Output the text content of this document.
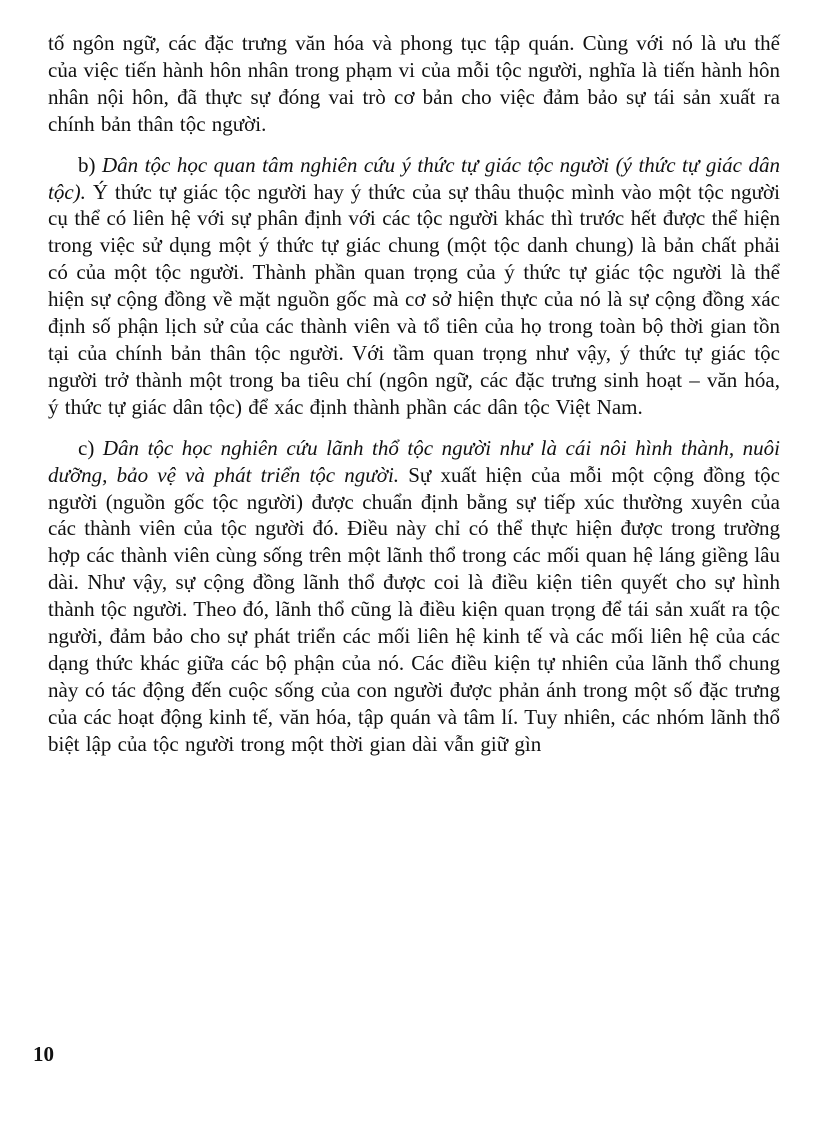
tố ngôn ngữ, các đặc trưng văn hóa và phong tục tập quán. Cùng với nó là ưu thế của việc tiến hành hôn nhân trong phạm vi của mỗi tộc người, nghĩa là tiến hành hôn nhân nội hôn, đã thực sự đóng vai trò cơ bản cho việc đảm bảo sự tái sản xuất ra chính bản thân tộc người.

b) Dân tộc học quan tâm nghiên cứu ý thức tự giác tộc người (ý thức tự giác dân tộc). Ý thức tự giác tộc người hay ý thức của sự thâu thuộc mình vào một tộc người cụ thể có liên hệ với sự phân định với các tộc người khác thì trước hết được thể hiện trong việc sử dụng một ý thức tự giác chung (một tộc danh chung) là bản chất phải có của một tộc người. Thành phần quan trọng của ý thức tự giác tộc người là thể hiện sự cộng đồng về mặt nguồn gốc mà cơ sở hiện thực của nó là sự cộng đồng xác định số phận lịch sử của các thành viên và tổ tiên của họ trong toàn bộ thời gian tồn tại của chính bản thân tộc người. Với tầm quan trọng như vậy, ý thức tự giác tộc người trở thành một trong ba tiêu chí (ngôn ngữ, các đặc trưng sinh hoạt – văn hóa, ý thức tự giác dân tộc) để xác định thành phần các dân tộc Việt Nam.

c) Dân tộc học nghiên cứu lãnh thổ tộc người như là cái nôi hình thành, nuôi dưỡng, bảo vệ và phát triển tộc người. Sự xuất hiện của mỗi một cộng đồng tộc người (nguồn gốc tộc người) được chuẩn định bằng sự tiếp xúc thường xuyên của các thành viên của tộc người đó. Điều này chỉ có thể thực hiện được trong trường hợp các thành viên cùng sống trên một lãnh thổ trong các mối quan hệ láng giềng lâu dài. Như vậy, sự cộng đồng lãnh thổ được coi là điều kiện tiên quyết cho sự hình thành tộc người. Theo đó, lãnh thổ cũng là điều kiện quan trọng để tái sản xuất ra tộc người, đảm bảo cho sự phát triển các mối liên hệ kinh tế và các mối liên hệ của các dạng thức khác giữa các bộ phận của nó. Các điều kiện tự nhiên của lãnh thổ chung này có tác động đến cuộc sống của con người được phản ánh trong một số đặc trưng của các hoạt động kinh tế, văn hóa, tập quán và tâm lí. Tuy nhiên, các nhóm lãnh thổ biệt lập của tộc người trong một thời gian dài vẫn giữ gìn

10
